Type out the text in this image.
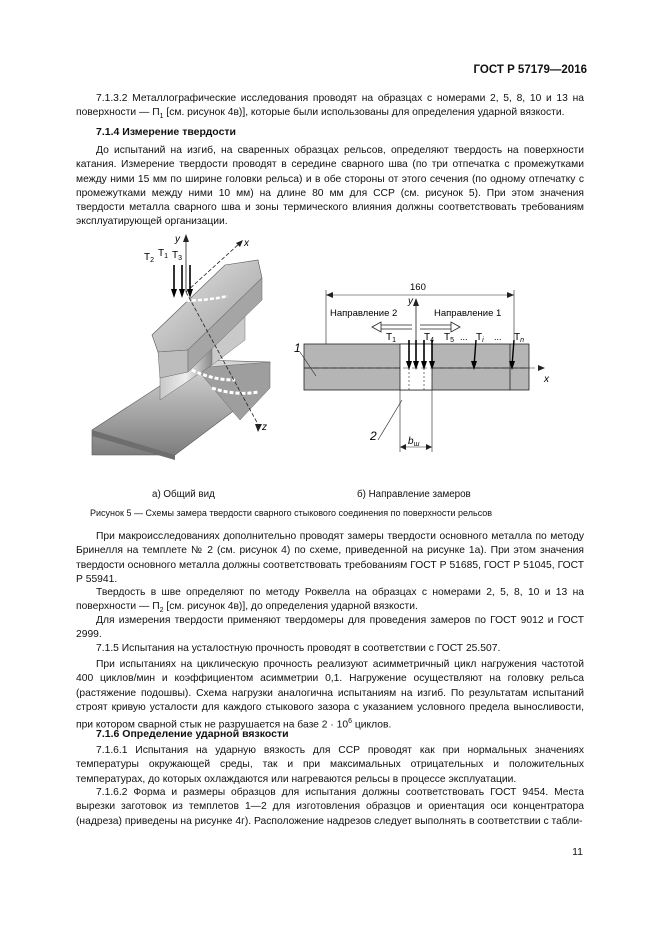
ГОСТ Р 57179—2016

7.1.3.2 Металлографические исследования проводят на образцах с номерами 2, 5, 8, 10 и 13 на поверхности — $П_1$ [см. рисунок 4в)], которые были использованы для определения ударной вязкости.

7.1.4 Измерение твердости

До испытаний на изгиб, на сваренных образцах рельсов, определяют твердость на поверхности катания. Измерение твердости проводят в середине сварного шва (по три отпечатка с промежутками между ними 15 мм по ширине головки рельса) и в обе стороны от этого сечения (по одному отпечатку с промежутками между ними 10 мм) на длине 80 мм для ССР (см. рисунок 5). При этом значения твердости металла сварного шва и зоны термического влияния должны соответствовать требованиям эксплуатирующей организации.

$T_2$
$T_1$ $T_3$
y	x
z
160
y
Направление 2	Направление 1
$T_1$	$T_4$ $T_5$ ... $T_i$ ... $T_n$
x
1
2	$b_ш$
а) Общий вид	б) Направление замеров
Рисунок 5 — Схемы замера твердости сварного стыкового соединения по поверхности рельсов

При макроисследованиях дополнительно проводят замеры твердости основного металла по методу Бринелля на темплете № 2 (см. рисунок 4) по схеме, приведенной на рисунке 1а). При этом значения твердости основного металла должны соответствовать требованиям ГОСТ Р 51685, ГОСТ Р 51045, ГОСТ Р 55941.

Твердость в шве определяют по методу Роквелла на образцах с номерами 2, 5, 8, 10 и 13 на поверхности — $П_2$ [см. рисунок 4в)], до определения ударной вязкости.

Для измерения твердости применяют твердомеры для проведения замеров по ГОСТ 9012 и ГОСТ 2999.

7.1.5 Испытания на усталостную прочность проводят в соответствии с ГОСТ 25.507.

При испытаниях на циклическую прочность реализуют асимметричный цикл нагружения частотой 400 циклов/мин и коэффициентом асимметрии 0,1. Нагружение осуществляют на головку рельса (растяжение подошвы). Схема нагрузки аналогична испытаниям на изгиб. По результатам испытаний строят кривую усталости для каждого стыкового зазора с указанием условного предела выносливости, при котором сварной стык не разрушается на базе $2 \cdot 10^6$ циклов.

7.1.6 Определение ударной вязкости

7.1.6.1 Испытания на ударную вязкость для ССР проводят как при нормальных значениях температуры окружающей среды, так и при максимальных отрицательных и положительных температурах, до которых охлаждаются или нагреваются рельсы в процессе эксплуатации.

7.1.6.2 Форма и размеры образцов для испытания должны соответствовать ГОСТ 9454. Места вырезки заготовок из темплетов 1—2 для изготовления образцов и ориентация оси концентратора (надреза) приведены на рисунке 4г). Расположение надрезов следует выполнять в соответствии с табли-

11
